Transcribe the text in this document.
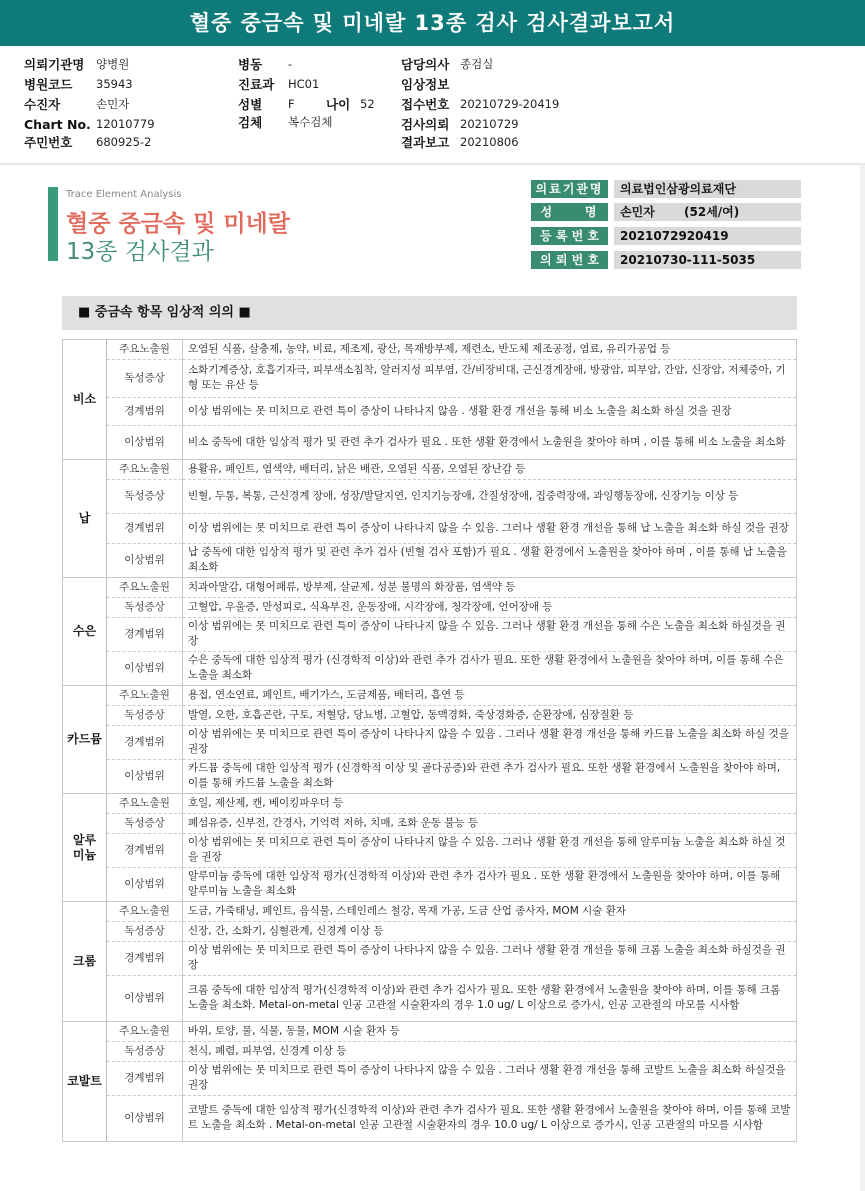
혈중 중금속 및 미네랄 13종 검사 검사결과보고서
의뢰기관명 양병원
병원코드 35943
수진자	손민자
Chart No. 12010779
주민번호 680925-2
병동 -
진료과 HC01
성별 F	나이 52
검체 복수검체
담당의사 종검실
임상정보
접수번호 20210729-20419
검사의뢰 20210729
결과보고 20210806
Trace Element Analysis
혈중 중금속 및 미네랄
13종 검사결과
의료기관명	의료법인삼광의료재단
성     명	손민자       (52세/여)
등 록 번 호	2021072920419
의 뢰 번 호	20210730-111-5035
■ 중금속 항목 임상적 의의 ■
비소	주요노출원	오염된 식품, 살충제, 농약, 비료, 제조제, 광산, 목재방부제, 제련소, 반도체 제조공정, 염료, 유리가공업 등
	독성증상	소화기계증상, 호흡기자극, 피부색소침착, 알러지성 피부염, 간/비장비대, 근신경계장애, 방광암, 피부암, 간암, 신장암, 저체중아, 기형 또는 유산 등
	경계범위	이상 범위에는 못 미치므로 관련 특이 증상이 나타나지 않음 . 생활 환경 개선을 통해 비소 노출을 최소화 하실 것을 권장
	이상범위	비소 중독에 대한 임상적 평가 및 관련 추가 검사가 필요 . 또한 생활 환경에서 노출원을 찾아야 하며 , 이를 통해 비소 노출을 최소화
납	주요노출원	용활유, 페인트, 염색약, 배터리, 낡은 배관, 오염된 식품, 오염된 장난감 등
	독성증상	빈혈, 두통, 복통, 근신경계 장애, 성장/발달지연, 인지기능장애, 간질성장애, 집중력장애, 과잉행동장애, 신장기능 이상 등
	경계범위	이상 범위에는 못 미치므로 관련 특이 증상이 나타나지 않을 수 있음. 그러나 생활 환경 개선을 통해 납 노출을 최소화 하실 것을 권장
	이상범위	납 중독에 대한 임상적 평가 및 관련 추가 검사 (빈혈 검사 포함)가 필요 . 생활 환경에서 노출원을 찾아야 하며 , 이를 통해 납 노출을 최소화
수은	주요노출원	치과아말감, 대형어패류, 방부제, 살균제, 성분 불명의 화장품, 염색약 등
	독성증상	고혈압, 우울증, 만성피로, 식욕부진, 운동장애, 시각장애, 청각장애, 언어장애 등
	경계범위	이상 범위에는 못 미치므로 관련 특이 증상이 나타나지 않을 수 있음. 그러나 생활 환경 개선을 통해 수은 노출을 최소화 하실것을 권장
	이상범위	수은 중독에 대한 임상적 평가 (신경학적 이상)와 관련 추가 검사가 필요. 또한 생활 환경에서 노출원을 찾아야 하며, 이를 통해 수은 노출을 최소화
카드뮴	주요노출원	용접, 연소연료, 페인트, 배기가스, 도금제품, 배터리, 흡연 등
	독성증상	발열, 오한, 호흡곤란, 구토, 저혈당, 당뇨병, 고혈압, 동맥경화, 죽상경화증, 순환장애, 심장질환 등
	경계범위	이상 범위에는 못 미치므로 관련 특이 증상이 나타나지 않을 수 있음 . 그러나 생활 환경 개선을 통해 카드뮴 노출을 최소화 하실 것을 권장
	이상범위	카드뮴 중독에 대한 임상적 평가 (신경학적 이상 및 골다공증)와 관련 추가 검사가 필요. 또한 생활 환경에서 노출원을 찾아야 하며, 이를 통해 카드뮴 노출을 최소화
알루
미늄	주요노출원	호일, 제산제, 캔, 베이킹파우더 등
	독성증상	폐섬유증, 신부전, 간경사, 기억력 저하, 치매, 조화 운동 불능 등
	경계범위	이상 범위에는 못 미치므로 관련 특이 증상이 나타나지 않을 수 있음. 그러나 생활 환경 개선을 통해 알루미늄 노출을 최소화 하실 것을 권장
	이상범위	알루미늄 중독에 대한 임상적 평가(신경학적 이상)와 관련 추가 검사가 필요 . 또한 생활 환경에서 노출원을 찾아야 하며, 이를 통해 알루미늄 노출을 최소화
크롬	주요노출원	도금, 가죽태닝, 페인트, 음식물, 스테인레스 철강, 목재 가공, 도금 산업 종사자, MOM 시술 환자
	독성증상	신장, 간, 소화기, 심혈관계, 신경계 이상 등
	경계범위	이상 범위에는 못 미치므로 관련 특이 증상이 나타나지 않을 수 있음. 그러나 생활 환경 개선을 통해 크롬 노출을 최소화 하실것을 권장
	이상범위	크롬 중독에 대한 임상적 평가(신경학적 이상)와 관련 추가 검사가 필요. 또한 생활 환경에서 노출원을 찾아야 하며, 이를 통해 크롬 노출을 최소화. Metal-on-metal 인공 고관절 시술환자의 경우 1.0 ug/ L 이상으로 증가시, 인공 고관절의 마모를 시사함
코발트	주요노출원	바위, 토양, 물, 식물, 동물, MOM 시술 환자 등
	독성증상	천식, 폐렴, 피부염, 신경계 이상 등
	경계범위	이상 범위에는 못 미치므로 관련 특이 증상이 나타나지 않을 수 있음 . 그러나 생활 환경 개선을 통해 코발트 노출을 최소화 하실것을 권장
	이상범위	코발트 중독에 대한 임상적 평가(신경학적 이상)와 관련 추가 검사가 필요. 또한 생활 환경에서 노출원을 찾아야 하며, 이를 통해 코발트 노출을 최소화 . Metal-on-metal 인공 고관절 시술환자의 경우 10.0 ug/ L 이상으로 증가시, 인공 고관절의 마모를 시사함
